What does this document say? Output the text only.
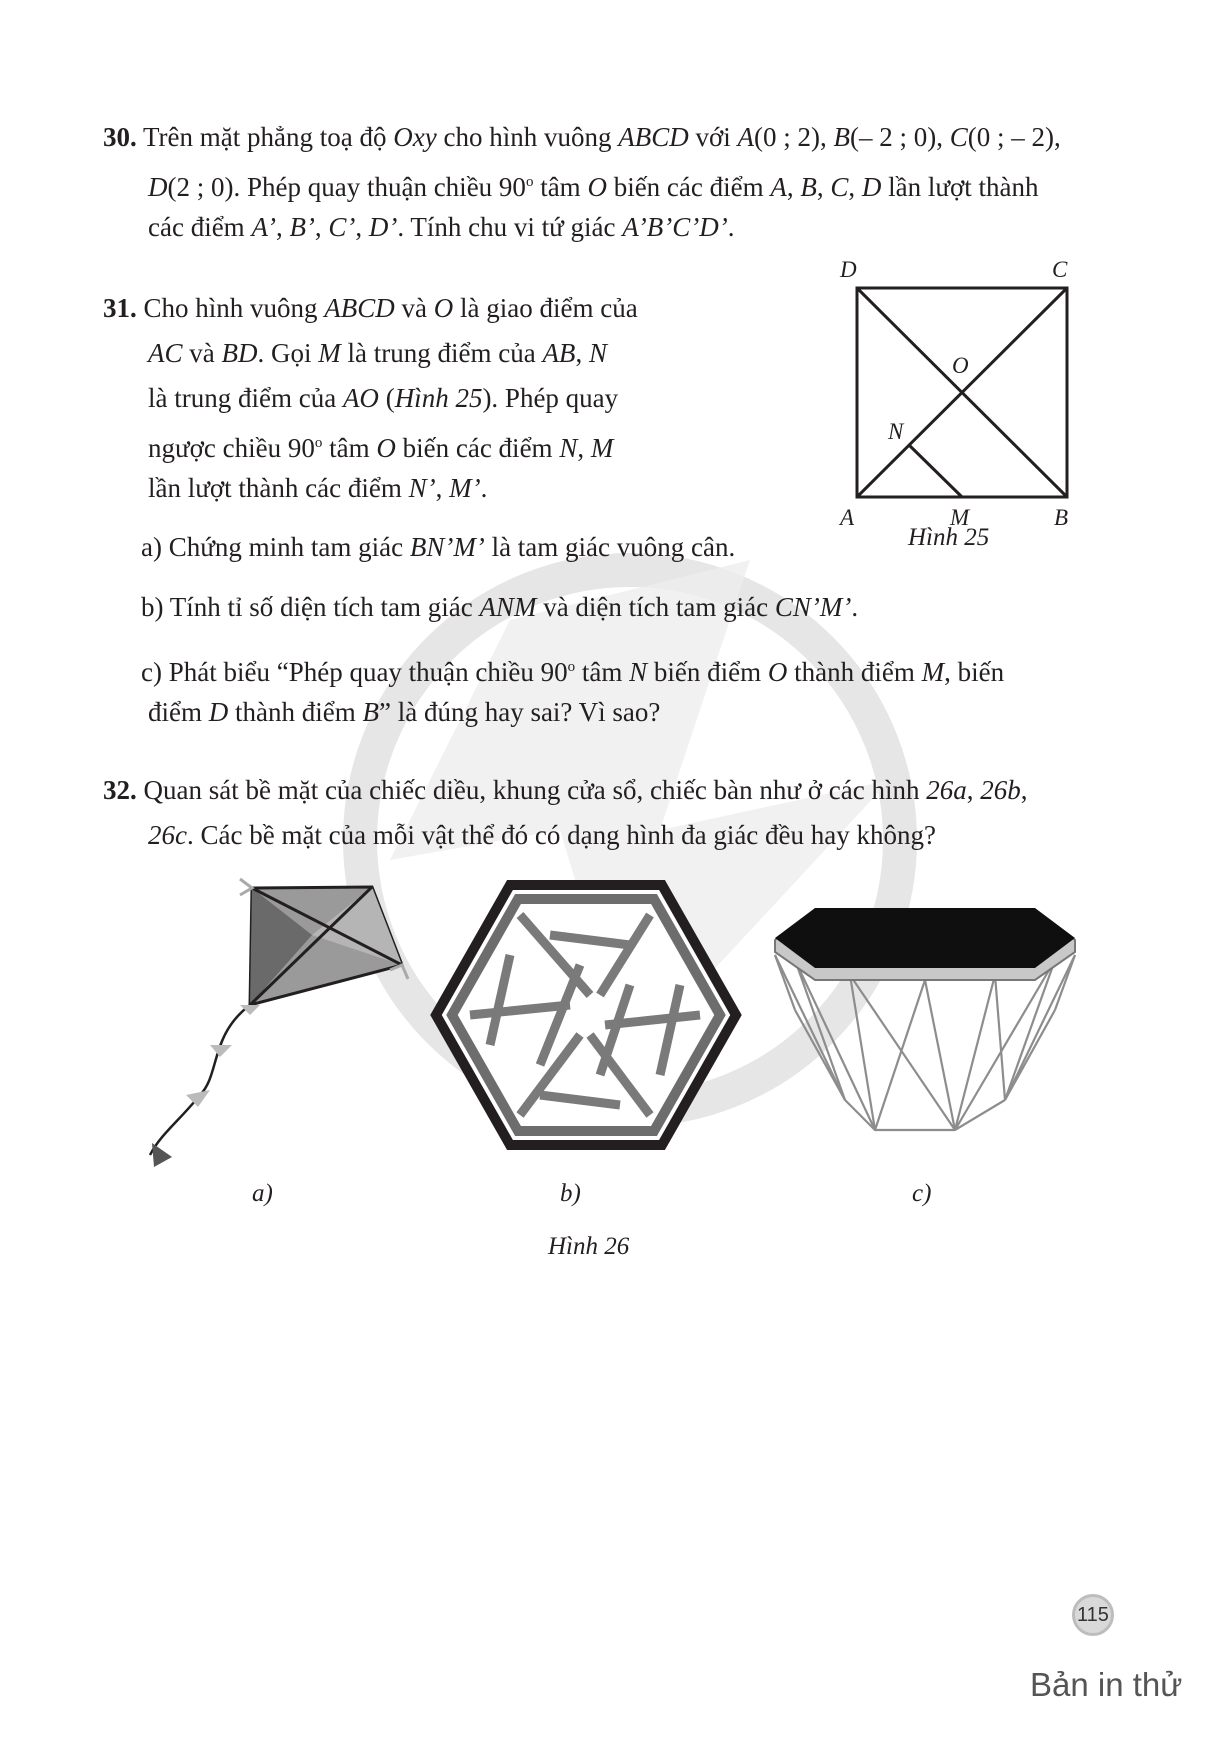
30. Trên mặt phẳng toạ độ Oxy cho hình vuông ABCD với A(0 ; 2), B(– 2 ; 0), C(0 ; – 2),
D(2 ; 0). Phép quay thuận chiều 90$^o$ tâm O biến các điểm A, B, C, D lần lượt thành
các điểm A’, B’, C’, D’. Tính chu vi tứ giác A’B’C’D’.
31. Cho hình vuông ABCD và O là giao điểm của
AC và BD. Gọi M là trung điểm của AB, N
là trung điểm của AO (Hình 25). Phép quay
ngược chiều 90$^o$ tâm O biến các điểm N, M
lần lượt thành các điểm N’, M’.
a) Chứng minh tam giác BN’M’ là tam giác vuông cân.
b) Tính tỉ số diện tích tam giác ANM và diện tích tam giác CN’M’.
c) Phát biểu “Phép quay thuận chiều 90$^o$ tâm N biến điểm O thành điểm M, biến
điểm D thành điểm B” là đúng hay sai? Vì sao?
D	C
O
N
A	M	B
Hình 25
32. Quan sát bề mặt của chiếc diều, khung cửa sổ, chiếc bàn như ở các hình 26a, 26b,
26c. Các bề mặt của mỗi vật thể đó có dạng hình đa giác đều hay không?
a)	b)	c)
Hình 26
115
Bản in thử
